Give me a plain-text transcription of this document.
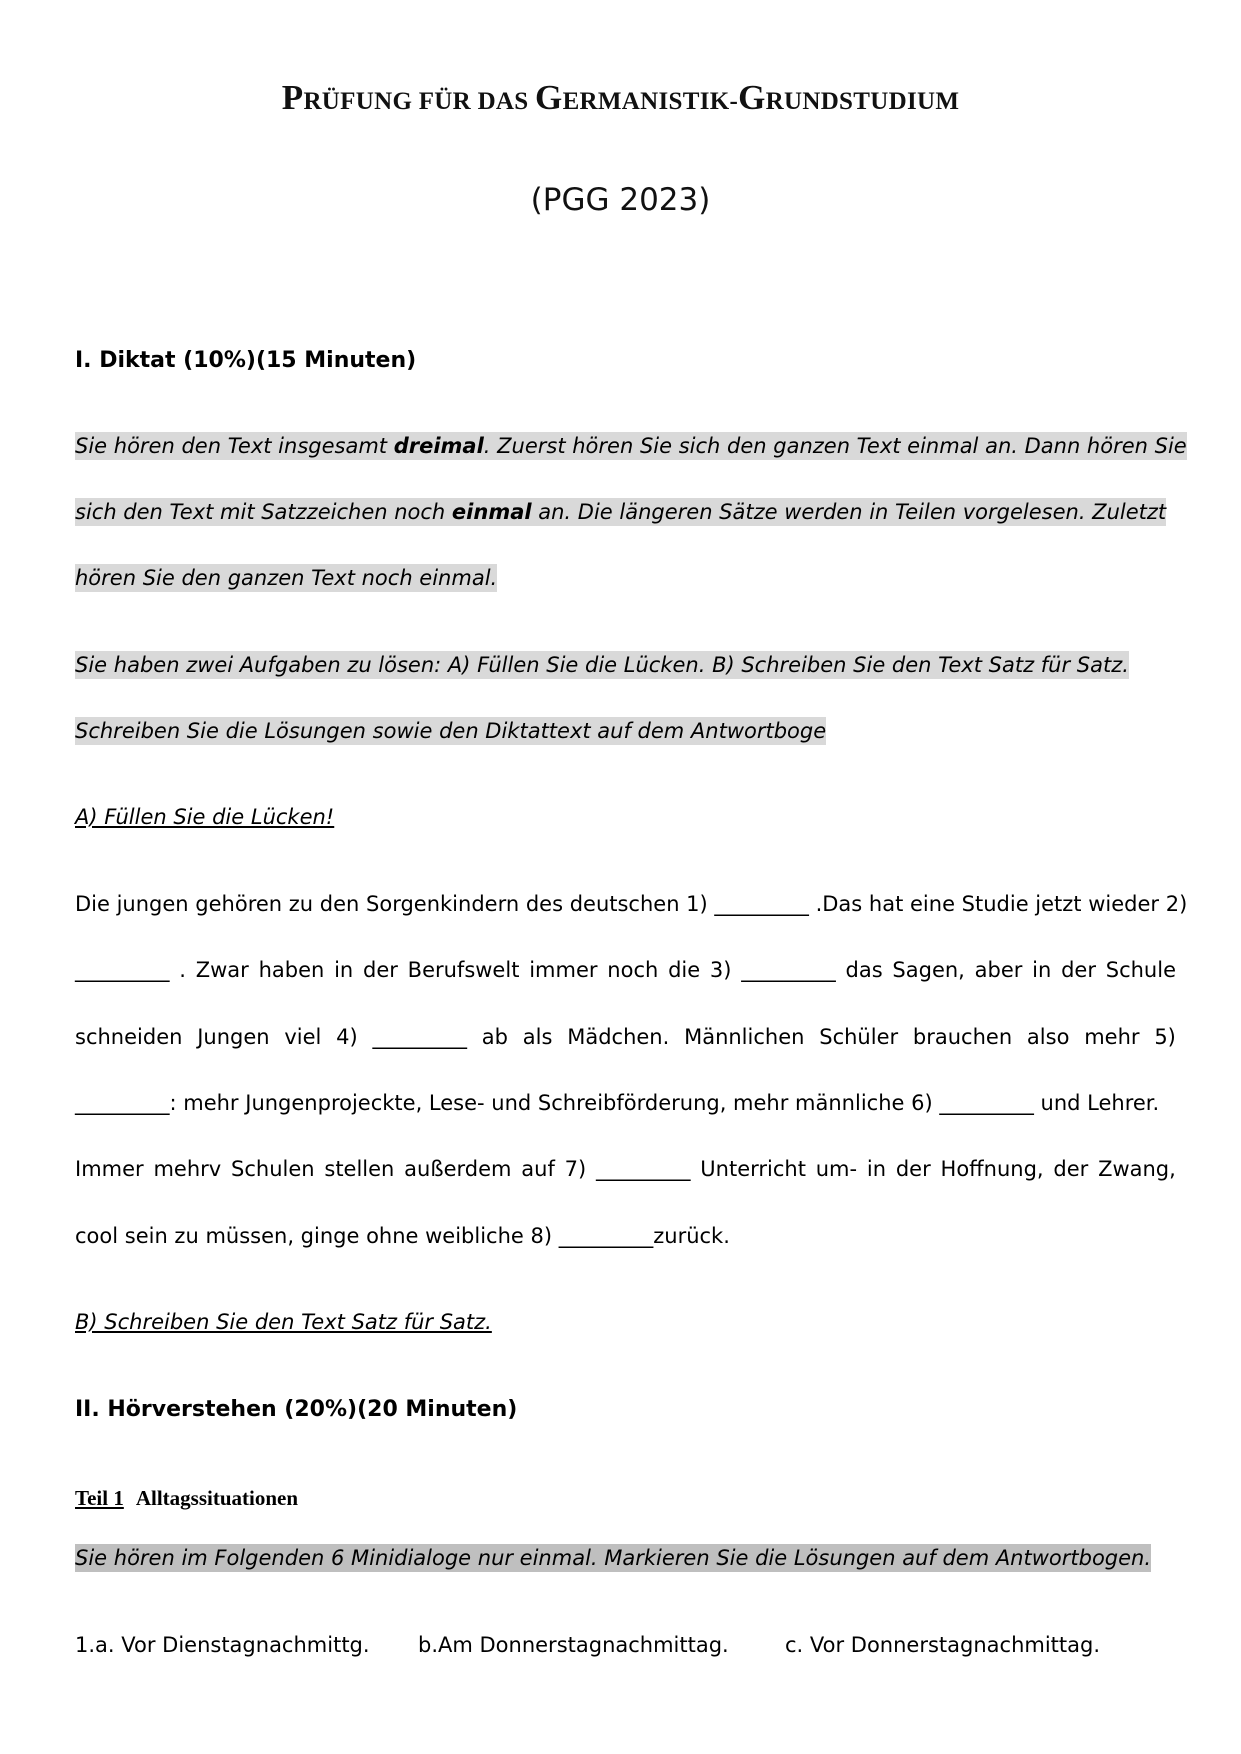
PRÜFUNG FÜR DAS GERMANISTIK-GRUNDSTUDIUM
(PGG 2023)
I. Diktat (10%)(15 Minuten)
Sie hören den Text insgesamt dreimal. Zuerst hören Sie sich den ganzen Text einmal an. Dann hören Sie
sich den Text mit Satzzeichen noch einmal an. Die längeren Sätze werden in Teilen vorgelesen. Zuletzt
hören Sie den ganzen Text noch einmal.
Sie haben zwei Aufgaben zu lösen: A) Füllen Sie die Lücken. B) Schreiben Sie den Text Satz für Satz.
Schreiben Sie die Lösungen sowie den Diktattext auf dem Antwortboge
A) Füllen Sie die Lücken!
Die jungen gehören zu den Sorgenkindern des deutschen 1) _________ .Das hat eine Studie jetzt wieder 2)
_________ . Zwar haben in der Berufswelt immer noch die 3) _________ das Sagen, aber in der Schule
schneiden Jungen viel 4) _________ ab als Mädchen. Männlichen Schüler brauchen also mehr 5)
_________: mehr Jungenprojeckte, Lese- und Schreibförderung, mehr männliche 6) _________ und Lehrer.
Immer mehrv Schulen stellen außerdem auf 7) _________ Unterricht um- in der Hoffnung, der Zwang,
cool sein zu müssen, ginge ohne weibliche 8) _________zurück.
B) Schreiben Sie den Text Satz für Satz.
II. Hörverstehen (20%)(20 Minuten)
Teil 1 Alltagssituationen
Sie hören im Folgenden 6 Minidialoge nur einmal. Markieren Sie die Lösungen auf dem Antwortbogen.
1.a. Vor Dienstagnachmittg. b.Am Donnerstagnachmittag.	c. Vor Donnerstagnachmittag.
